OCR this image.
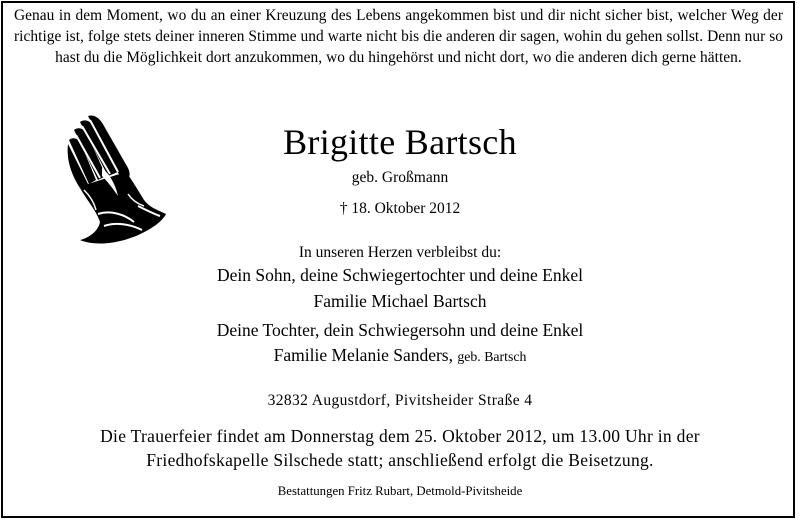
Genau in dem Moment, wo du an einer Kreuzung des Lebens angekommen bist und dir nicht sicher bist, welcher Weg der richtige ist, folge stets deiner inneren Stimme und warte nicht bis die anderen dir sagen, wohin du gehen sollst. Denn nur so hast du die Möglichkeit dort anzukommen, wo du hingehörst und nicht dort, wo die anderen dich gerne hätten.
Brigitte Bartsch
geb. Großmann
† 18. Oktober 2012
In unseren Herzen verbleibst du:
Dein Sohn, deine Schwiegertochter und deine Enkel
Familie Michael Bartsch
Deine Tochter, dein Schwiegersohn und deine Enkel
Familie Melanie Sanders, geb. Bartsch
32832 Augustdorf, Pivitsheider Straße 4
Die Trauerfeier findet am Donnerstag dem 25. Oktober 2012, um 13.00 Uhr in der
Friedhofskapelle Silschede statt; anschließend erfolgt die Beisetzung.
Bestattungen Fritz Rubart, Detmold-Pivitsheide
